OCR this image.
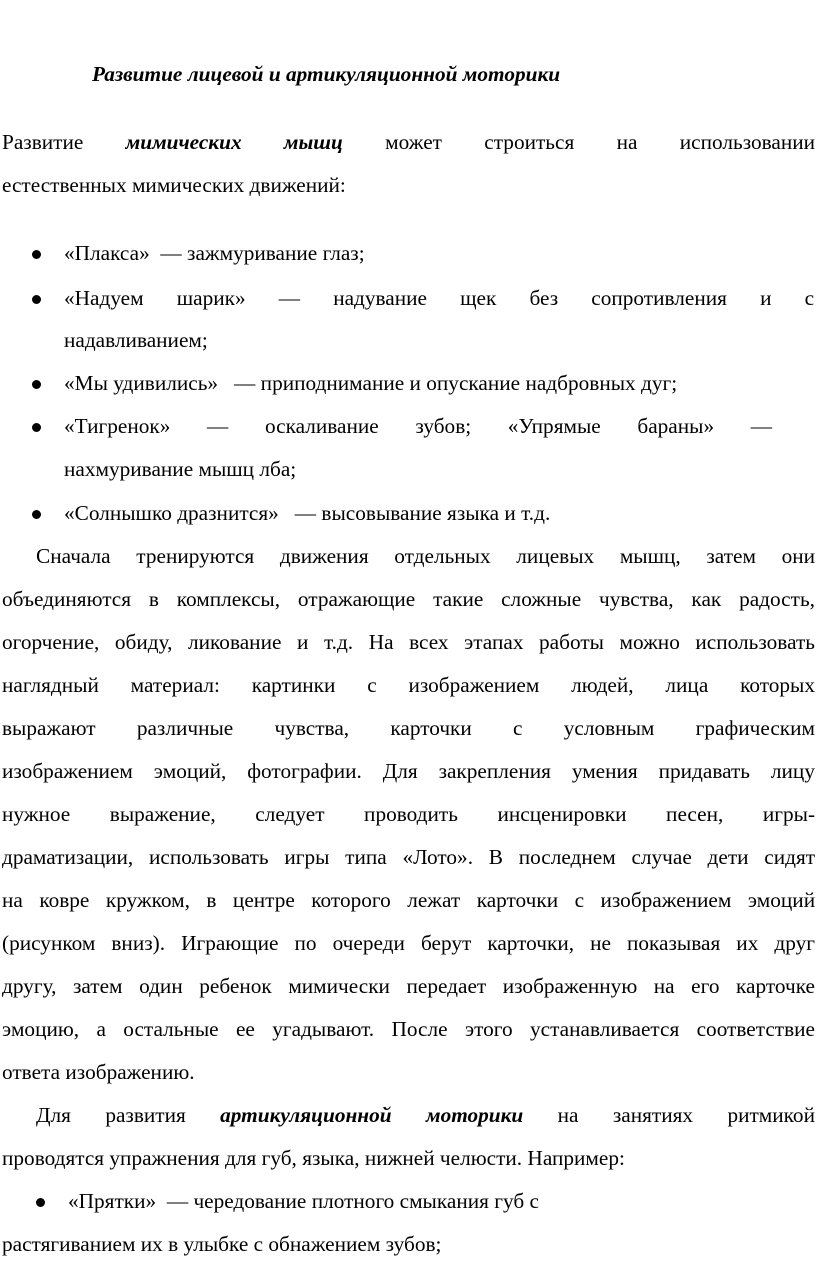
Развитие лицевой и артикуляционной моторики
Развитие мимических мышц может строиться на использовании
естественных мимических движений:
«Плакса» — зажмуривание глаз;
«Надуем шарик» — надувание щек без сопротивления и с
надавливанием;
«Мы удивились» — приподнимание и опускание надбровных дуг;
«Тигренок» — оскаливание зубов; «Упрямые бараны» —
нахмуривание мышц лба;
«Солнышко дразнится» — высовывание языка и т.д.
Сначала тренируются движения отдельных лицевых мышц, затем они
объединяются в комплексы, отражающие такие сложные чувства, как радость,
огорчение, обиду, ликование и т.д. На всех этапах работы можно использовать
наглядный материал: картинки с изображением людей, лица которых
выражают различные чувства, карточки с условным графическим
изображением эмоций, фотографии. Для закрепления умения придавать лицу
нужное выражение, следует проводить инсценировки песен, игры-
драматизации, использовать игры типа «Лото». В последнем случае дети сидят
на ковре кружком, в центре которого лежат карточки с изображением эмоций
(рисунком вниз). Играющие по очереди берут карточки, не показывая их друг
другу, затем один ребенок мимически передает изображенную на его карточке
эмоцию, а остальные ее угадывают. После этого устанавливается соответствие
ответа изображению.
Для развития артикуляционной моторики на занятиях ритмикой
проводятся упражнения для губ, языка, нижней челюсти. Например:
«Прятки»  — чередование плотного смыкания губ с
растягиванием их в улыбке с обнажением зубов;
